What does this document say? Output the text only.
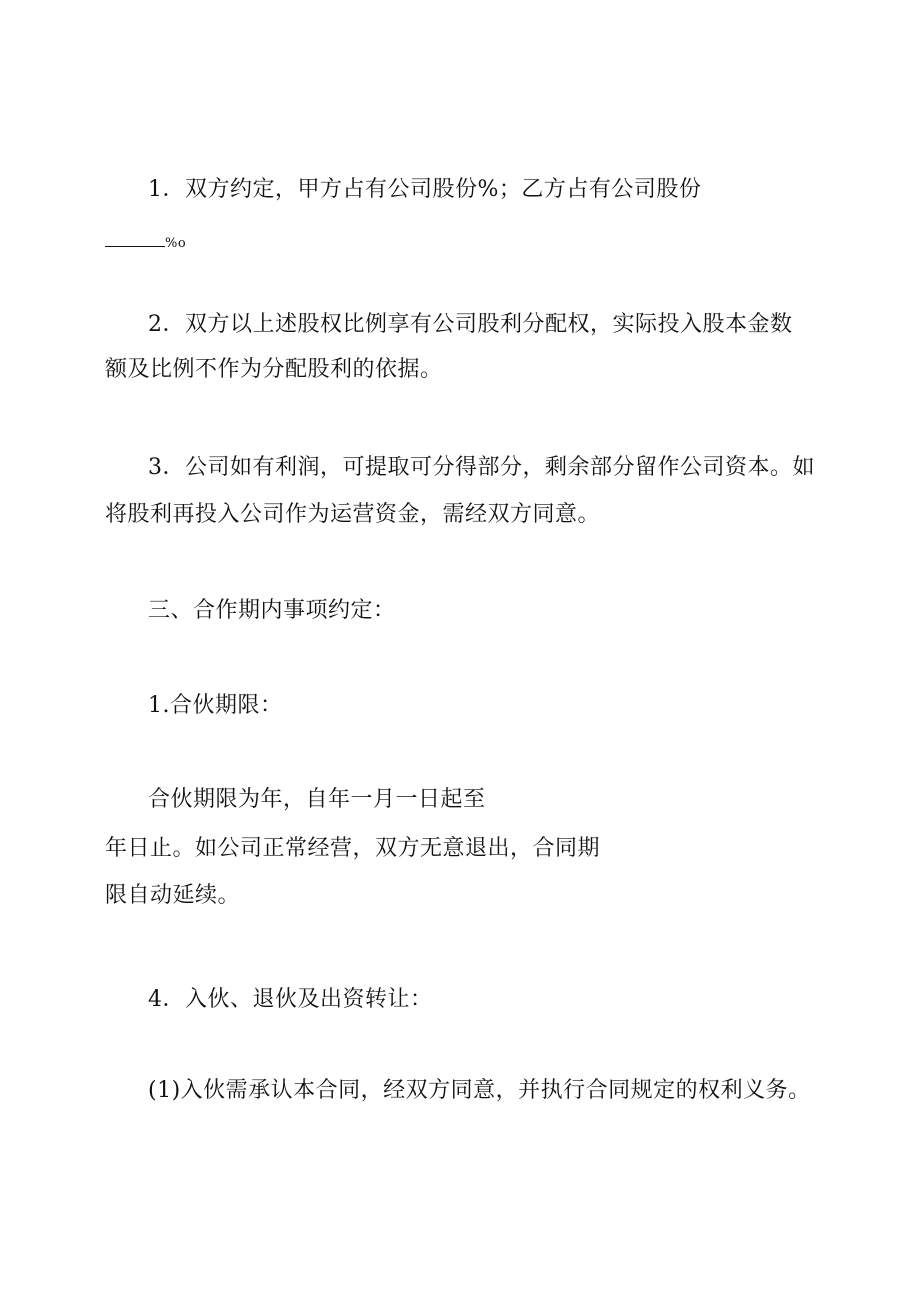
1．双方约定，甲方占有公司股份%；乙方占有公司股份

%o

2．双方以上述股权比例享有公司股利分配权，实际投入股本金数

额及比例不作为分配股利的依据。

3．公司如有利润，可提取可分得部分，剩余部分留作公司资本。如

将股利再投入公司作为运营资金，需经双方同意。

三、合作期内事项约定：

1.合伙期限：

合伙期限为年，自年一月一日起至

年日止。如公司正常经营，双方无意退出，合同期

限自动延续。

4．入伙、退伙及出资转让：

(1)入伙需承认本合同，经双方同意，并执行合同规定的权利义务。
